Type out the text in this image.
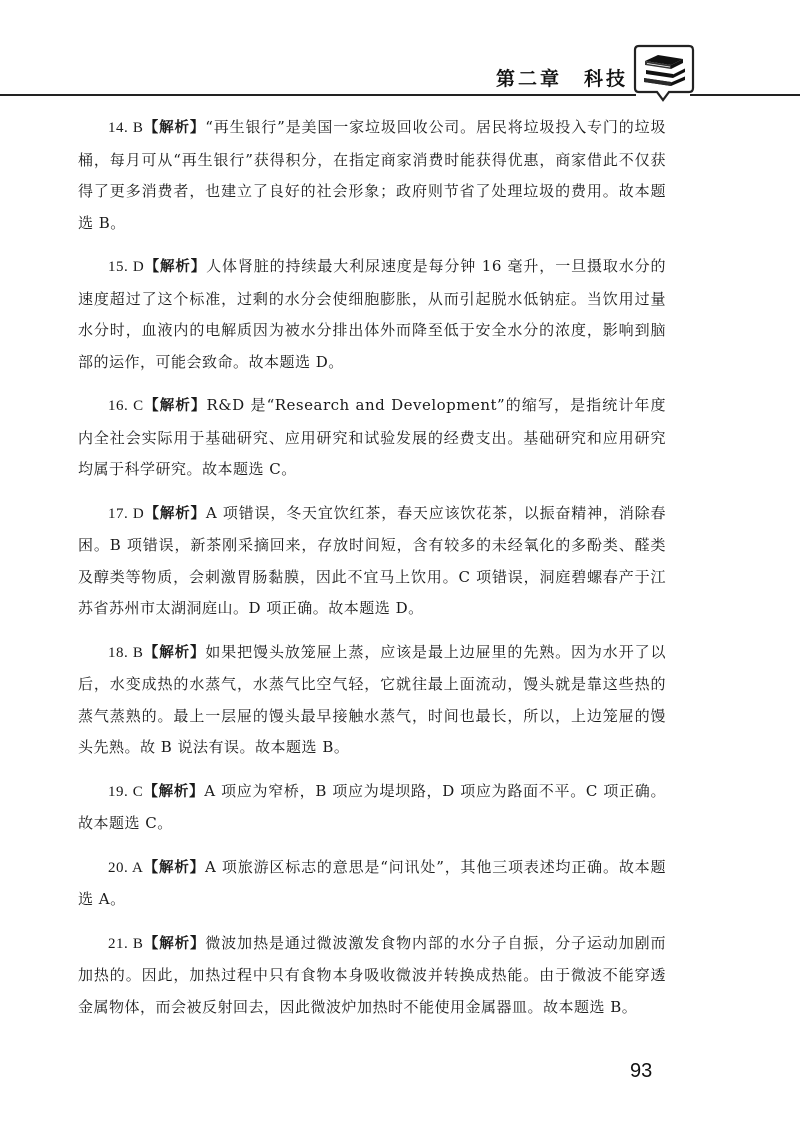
第二章　科技

14. B【解析】“再生银行”是美国一家垃圾回收公司。居民将垃圾投入专门的垃圾桶，每月可从“再生银行”获得积分，在指定商家消费时能获得优惠，商家借此不仅获得了更多消费者，也建立了良好的社会形象；政府则节省了处理垃圾的费用。故本题选 B。

15. D【解析】人体肾脏的持续最大利尿速度是每分钟 16 毫升，一旦摄取水分的速度超过了这个标准，过剩的水分会使细胞膨胀，从而引起脱水低钠症。当饮用过量水分时，血液内的电解质因为被水分排出体外而降至低于安全水分的浓度，影响到脑部的运作，可能会致命。故本题选 D。

16. C【解析】R&D 是“Research and Development”的缩写，是指统计年度内全社会实际用于基础研究、应用研究和试验发展的经费支出。基础研究和应用研究均属于科学研究。故本题选 C。

17. D【解析】A 项错误，冬天宜饮红茶，春天应该饮花茶，以振奋精神，消除春困。B 项错误，新茶刚采摘回来，存放时间短，含有较多的未经氧化的多酚类、醛类及醇类等物质，会刺激胃肠黏膜，因此不宜马上饮用。C 项错误，洞庭碧螺春产于江苏省苏州市太湖洞庭山。D 项正确。故本题选 D。

18. B【解析】如果把馒头放笼屉上蒸，应该是最上边屉里的先熟。因为水开了以后，水变成热的水蒸气，水蒸气比空气轻，它就往最上面流动，馒头就是靠这些热的蒸气蒸熟的。最上一层屉的馒头最早接触水蒸气，时间也最长，所以，上边笼屉的馒头先熟。故 B 说法有误。故本题选 B。

19. C【解析】A 项应为窄桥，B 项应为堤坝路，D 项应为路面不平。C 项正确。故本题选 C。

20. A【解析】A 项旅游区标志的意思是“问讯处”，其他三项表述均正确。故本题选 A。

21. B【解析】微波加热是通过微波激发食物内部的水分子自振，分子运动加剧而加热的。因此，加热过程中只有食物本身吸收微波并转换成热能。由于微波不能穿透金属物体，而会被反射回去，因此微波炉加热时不能使用金属器皿。故本题选 B。

93
